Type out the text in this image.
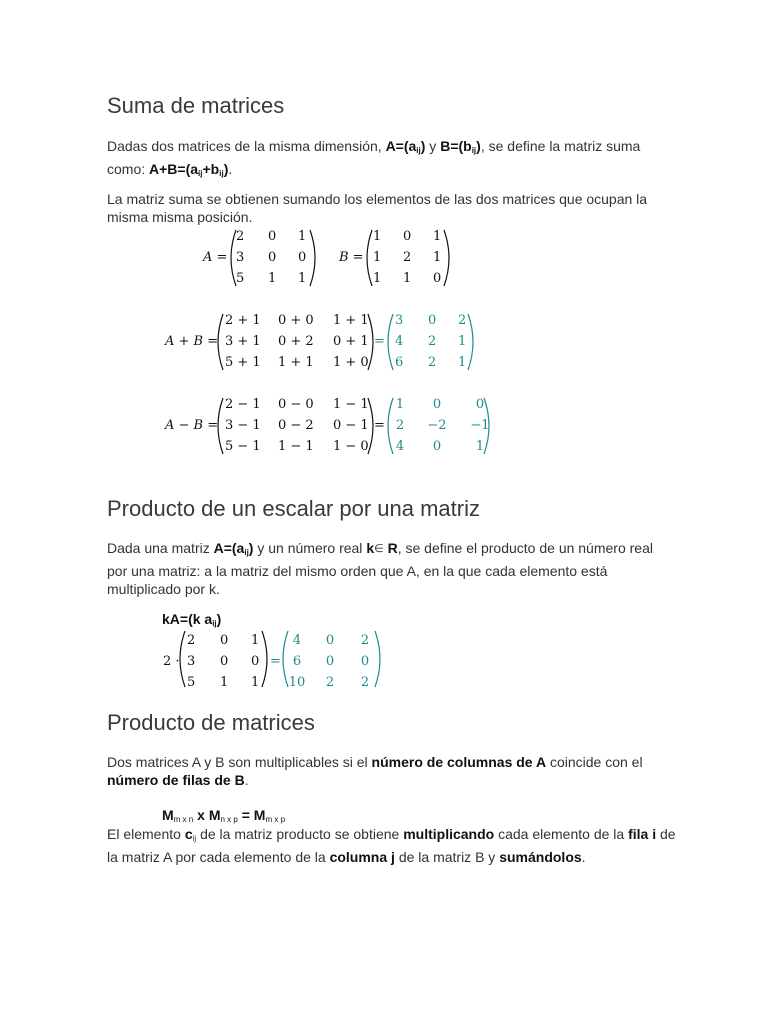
Suma de matrices
Dadas dos matrices de la misma dimensión, $A=(a_{ij})$ y $B=(b_{ij})$, se define la matriz suma como: $A+B=(a_{ij}+b_{ij})$.
La matriz suma se obtienen sumando los elementos de las dos matrices que ocupan la misma misma posición.
A =
2 0 1
3 0 0
5 1 1
B =
1 0 1
1 2 1
1 1 0
A + B =
2 + 1 0 + 0 1 + 1
3 + 1 0 + 2 0 + 1
5 + 1 1 + 1 1 + 0
=
3 0 2
4 2 1
6 2 1
A − B =
2 − 1 0 − 0 1 − 1
3 − 1 0 − 2 0 − 1
5 − 1 1 − 1 1 − 0
=
1 0	0
2 −2 −1
4 0	1
Producto de un escalar por una matriz
Dada una matriz $A=(a_{ij})$ y un número real k∈ R, se define el producto de un número real por una matriz: a la matriz del mismo orden que A, en la que cada elemento está multiplicado por k.
kA=(k $a_{ij}$)
2 ·
2 0 1
3 0 0
5 1 1
=
4 0 2
6 0 0
10 2 2
Producto de matrices
Dos matrices A y B son multiplicables si el número de columnas de A coincide con el número de filas de B.
$M_{m x n}$ x $M_{n x p} = M_{m x p}$
El elemento $c_{ij}$ de la matriz producto se obtiene multiplicando cada elemento de la fila i de la matriz A por cada elemento de la columna j de la matriz B y sumándolos.
